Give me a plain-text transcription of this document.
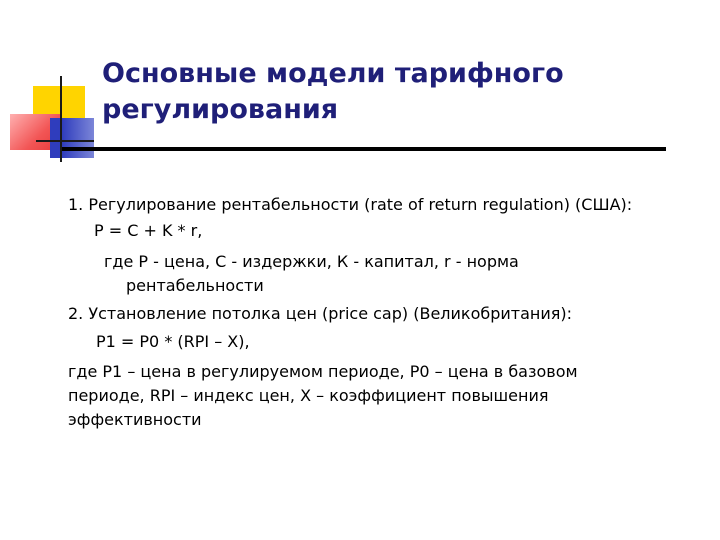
Основные модели тарифного
регулирования
1. Регулирование рентабельности (rate of return regulation) (США):
P = C + K * r,
где P - цена, C - издержки, К - капитал, r - норма
рентабельности
2. Установление потолка цен (price cap) (Великобритания):
P1 = P0 * (RPI – X),
где P1 – цена в регулируемом периоде, P0 – цена в базовом
периоде, RPI – индекс цен, X – коэффициент повышения
эффективности
